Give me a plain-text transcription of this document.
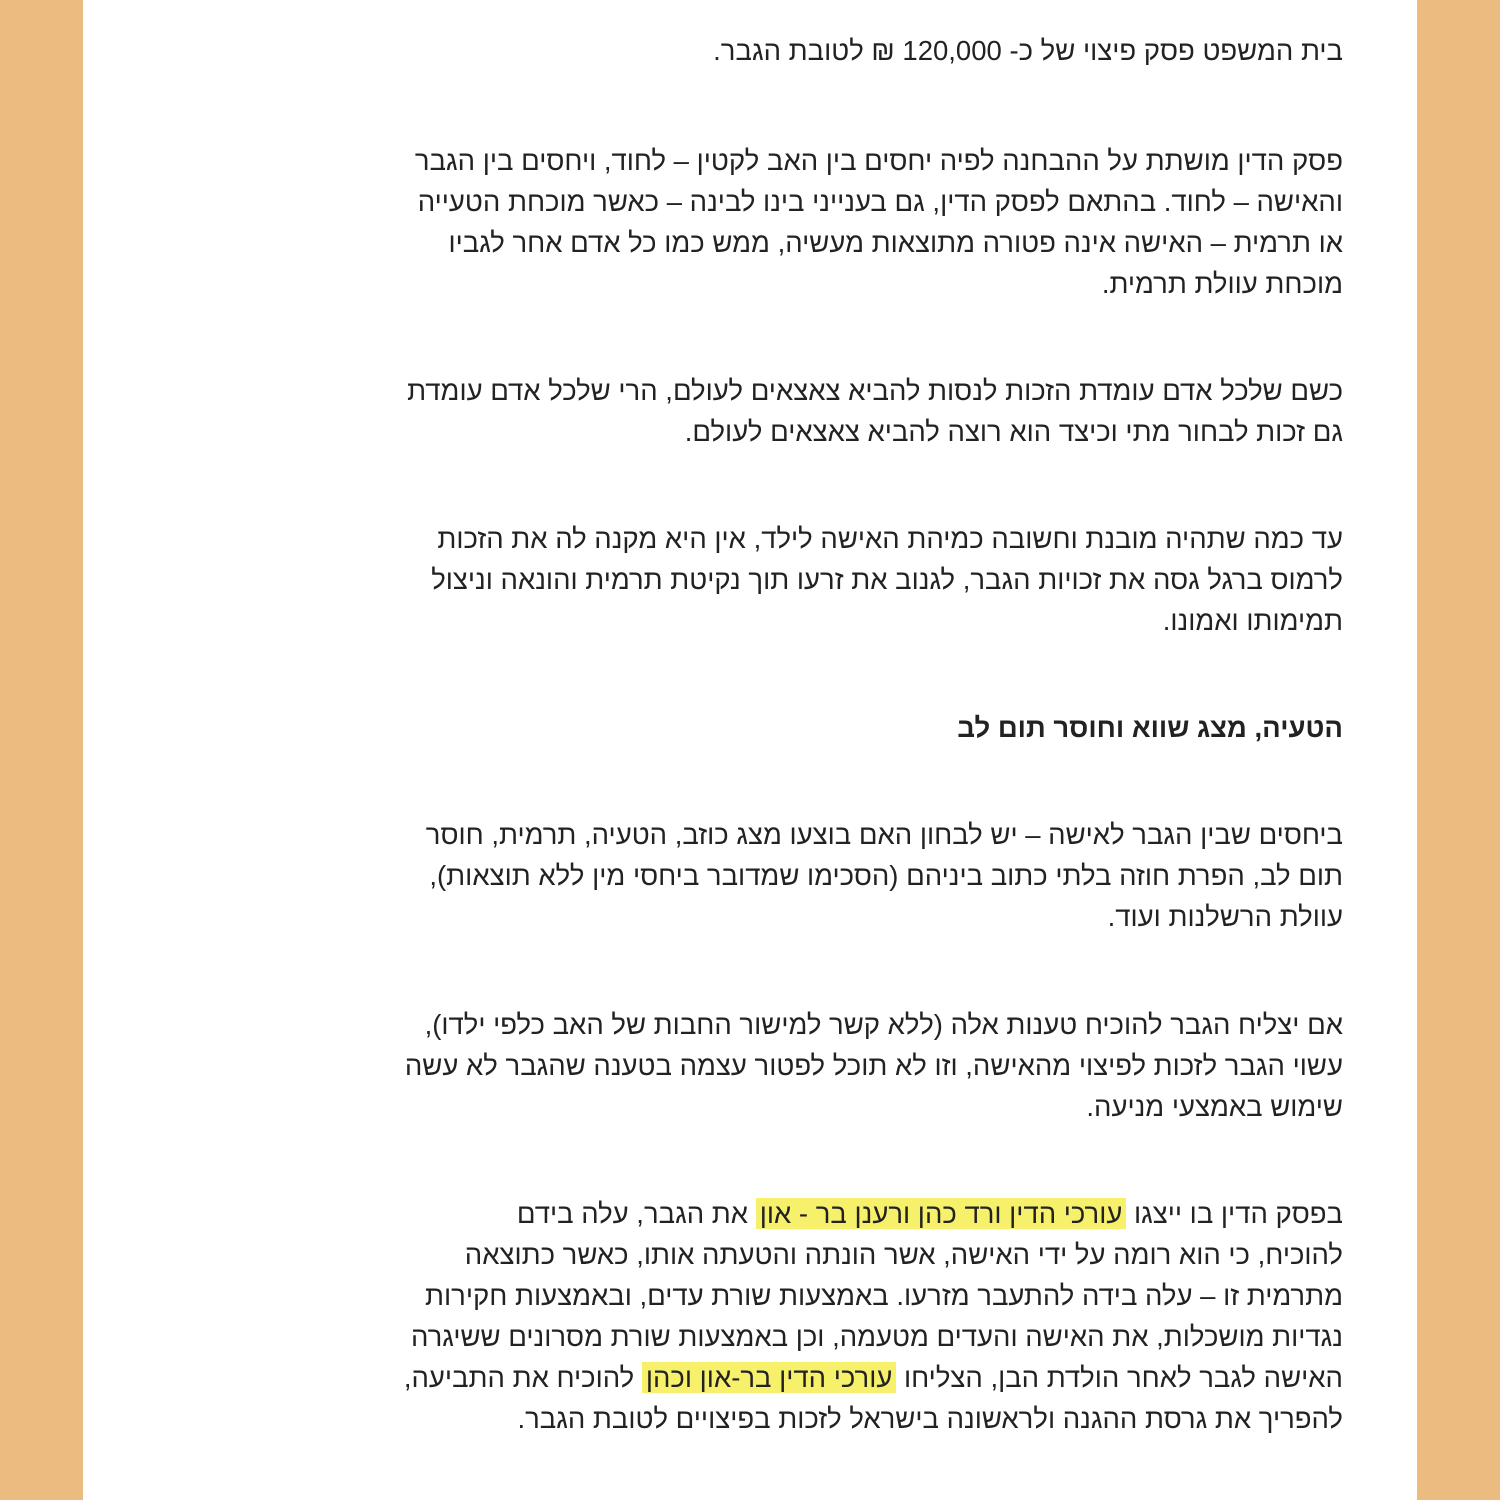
בית המשפט פסק פיצוי של כ- 120,000 ₪ לטובת הגבר.
פסק הדין מושתת על ההבחנה לפיה יחסים בין האב לקטין – לחוד, ויחסים בין הגבר
והאישה – לחוד. בהתאם לפסק הדין, גם בענייני בינו לבינה – כאשר מוכחת הטעייה
או תרמית – האישה אינה פטורה מתוצאות מעשיה, ממש כמו כל אדם אחר לגביו
מוכחת עוולת תרמית.
כשם שלכל אדם עומדת הזכות לנסות להביא צאצאים לעולם, הרי שלכל אדם עומדת
גם זכות לבחור מתי וכיצד הוא רוצה להביא צאצאים לעולם.
עד כמה שתהיה מובנת וחשובה כמיהת האישה לילד, אין היא מקנה לה את הזכות
לרמוס ברגל גסה את זכויות הגבר, לגנוב את זרעו תוך נקיטת תרמית והונאה וניצול
תמימותו ואמונו.
הטעיה, מצג שווא וחוסר תום לב
ביחסים שבין הגבר לאישה – יש לבחון האם בוצעו מצג כוזב, הטעיה, תרמית, חוסר
תום לב, הפרת חוזה בלתי כתוב ביניהם (הסכימו שמדובר ביחסי מין ללא תוצאות),
עוולת הרשלנות ועוד.
אם יצליח הגבר להוכיח טענות אלה (ללא קשר למישור החבות של האב כלפי ילדו),
עשוי הגבר לזכות לפיצוי מהאישה, וזו לא תוכל לפטור עצמה בטענה שהגבר לא עשה
שימוש באמצעי מניעה.
בפסק הדין בו ייצגו עורכי הדין ורד כהן ורענן בר - און את הגבר, עלה בידם
להוכיח, כי הוא רומה על ידי האישה, אשר הונתה והטעתה אותו, כאשר כתוצאה
מתרמית זו – עלה בידה להתעבר מזרעו. באמצעות שורת עדים, ובאמצעות חקירות
נגדיות מושכלות, את האישה והעדים מטעמה, וכן באמצעות שורת מסרונים ששיגרה
האישה לגבר לאחר הולדת הבן, הצליחו עורכי הדין בר-און וכהן להוכיח את התביעה,
להפריך את גרסת ההגנה ולראשונה בישראל לזכות בפיצויים לטובת הגבר.
